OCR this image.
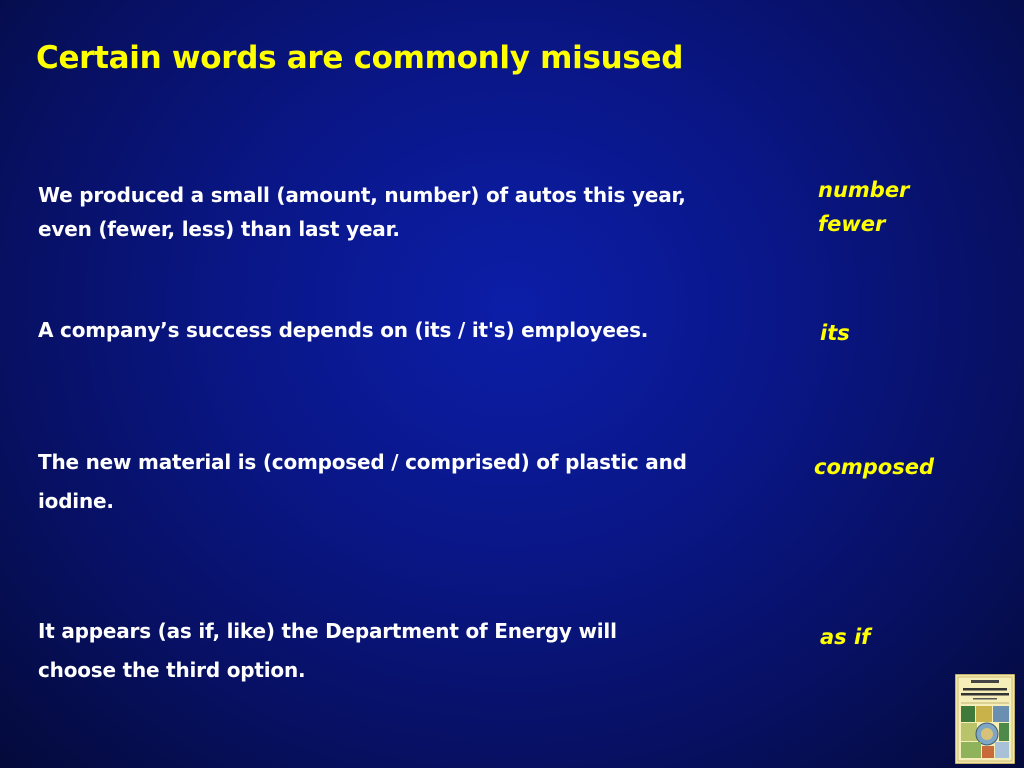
Certain words are commonly misused
We produced a small (amount, number) of autos this year,
even (fewer, less) than last year.
number
fewer
A company’s success depends on (its / it's) employees.	its
The new material is (composed / comprised) of plastic and
iodine.
composed
It appears (as if, like) the Department of Energy will
choose the third option.
as if
